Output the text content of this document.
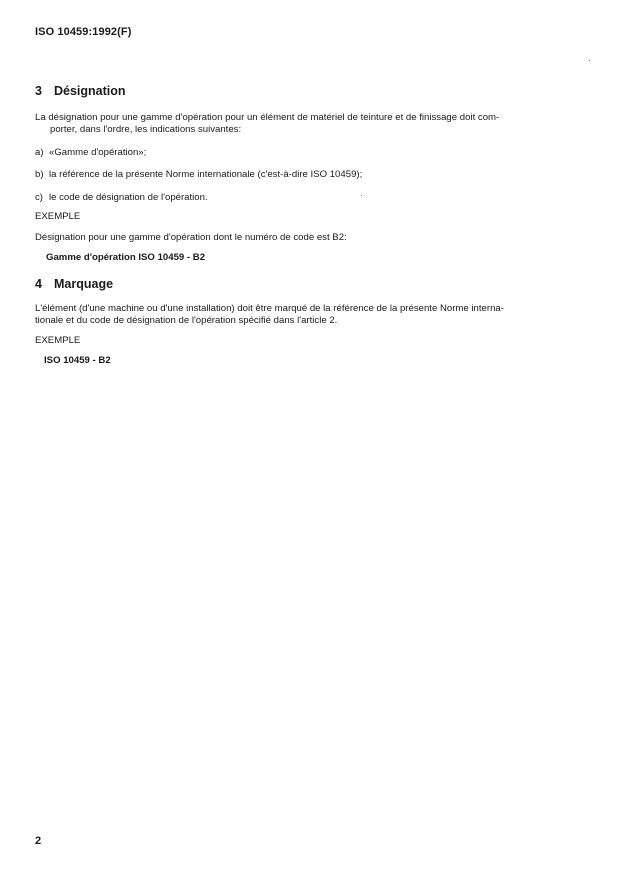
ISO 10459:1992(F)
3 Désignation
La désignation pour une gamme d'opération pour un élément de matériel de teinture et de finissage doit com-
porter, dans l'ordre, les indications suivantes:
a) «Gamme d'opération»;
b) la référence de la présente Norme internationale (c'est-à-dire ISO 10459);
c) le code de désignation de l'opération.
EXEMPLE
Désignation pour une gamme d'opération dont le numéro de code est B2:
Gamme d'opération ISO 10459 - B2
4 Marquage
L'élément (d'une machine ou d'une installation) doit être marqué de la référence de la présente Norme interna-
tionale et du code de désignation de l'opération spécifié dans l'article 2.
EXEMPLE
ISO 10459 - B2
2
